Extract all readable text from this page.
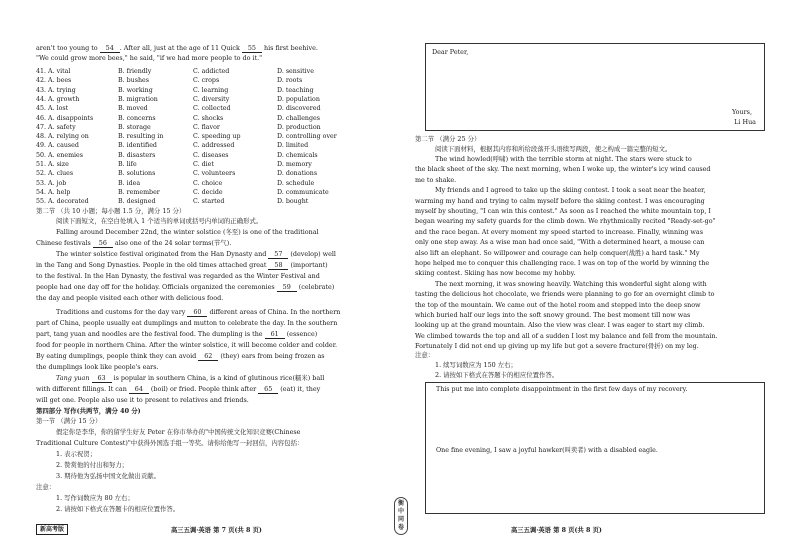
aren't too young to 54 . After all, just at the age of 11 Quick 55 his first beehive.
"We could grow more bees," he said, "if we had more people to do it."
41. A. vital	B. friendly	C. addicted	D. sensitive
42. A. bees	B. bushes	C. crops	D. roots
43. A. trying	B. working	C. learning	D. teaching
44. A. growth	B. migration	C. diversity	D. population
45. A. lost	B. moved	C. collected	D. discovered
46. A. disappoints	B. concerns	C. shocks	D. challenges
47. A. safety	B. storage	C. flavor	D. production
48. A. relying on	B. resulting in	C. speeding up	D. controlling over
49. A. caused	B. identified	C. addressed	D. limited
50. A. enemies	B. disasters	C. diseases	D. chemicals
51. A. size	B. life	C. diet	D. memory
52. A. clues	B. solutions	C. volunteers	D. donations
53. A. job	B. idea	C. choice	D. schedule
54. A. help	B. remember	C. decide	D. communicate
55. A. decorated	B. designed	C. started	D. bought
第二节 （共 10 小题；每小题 1.5 分，满分 15 分）
阅读下面短文，在空白处填入 1 个适当的单词或括号内单词的正确形式。
Falling around December 22nd, the winter solstice (冬至) is one of the traditional
Chinese festivals 56 also one of the 24 solar terms(节气).
The winter solstice festival originated from the Han Dynasty and 57 (develop) well
in the Tang and Song Dynasties. People in the old times attached great 58 (important)
to the festival. In the Han Dynasty, the festival was regarded as the Winter Festival and
people had one day off for the holiday. Officials organized the ceremonies 59 (celebrate)
the day and people visited each other with delicious food.
Traditions and customs for the day vary 60 different areas of China. In the northern
part of China, people usually eat dumplings and mutton to celebrate the day. In the southern
part, tang yuan and noodles are the festival food. The dumpling is the 61 (essence)
food for people in northern China. After the winter solstice, it will become colder and colder.
By eating dumplings, people think they can avoid 62 (they) ears from being frozen as
the dumplings look like people's ears.
Tang yuan 63 is popular in southern China, is a kind of glutinous rice(糯米) ball
with different fillings. It can 64 (boil) or fried. People think after 65 (eat) it, they
will get one. People also use it to present to relatives and friends.
第四部分 写作(共两节，满分 40 分)
第一节 （满分 15 分）
假定你是李华，你的留学生好友 Peter 在你市举办的"中国传统文化知识竞赛(Chinese
Traditional Culture Contest)"中获得外国选手组一等奖。请你给他写一封回信，内容包括：
1. 表示祝贺；
2. 赞赏他的付出和努力；
3. 期待他为弘扬中国文化做出贡献。
注意：
1. 写作词数应为 80 左右；
2. 请按如下格式在答题卡的相应位置作答。
新高考版	高三五调·英语 第 7 页(共 8 页)
衡
中
同
卷
Dear Peter,
Yours,
Li Hua
第二节 （满分 25 分）
阅读下面材料，根据其内容和所给段落开头语续写两段，使之构成一篇完整的短文。
The wind howled(呼啸) with the terrible storm at night. The stars were stuck to
the black sheet of the sky. The next morning, when I woke up, the winter's icy wind caused
me to shake.
My friends and I agreed to take up the skiing contest. I took a seat near the heater,
warming my hand and trying to calm myself before the skiing contest. I was encouraging
myself by shouting, "I can win this contest." As soon as I reached the white mountain top, I
began wearing my safety guards for the climb down. We rhythmically recited "Ready-set-go"
and the race began. At every moment my speed started to increase. Finally, winning was
only one step away. As a wise man had once said, "With a determined heart, a mouse can
also lift an elephant. So willpower and courage can help conquer(战胜) a hard task." My
hope helped me to conquer this challenging race. I was on top of the world by winning the
skiing contest. Skiing has now become my hobby.
The next morning, it was snowing heavily. Watching this wonderful sight along with
tasting the delicious hot chocolate, we friends were planning to go for an overnight climb to
the top of the mountain. We came out of the hotel room and stepped into the deep snow
which buried half our legs into the soft snowy ground. The best moment till now was
looking up at the grand mountain. Also the view was clear. I was eager to start my climb.
We climbed towards the top and all of a sudden I lost my balance and fell from the mountain.
Fortunately I did not end up giving up my life but got a severe fracture(骨折) on my leg.
注意：
1. 续写词数应为 150 左右；
2. 请按如下格式在答题卡的相应位置作答。
This put me into complete disappointment in the first few days of my recovery.
One fine evening, I saw a joyful hawker(叫卖者) with a disabled eagle.
高三五调·英语 第 8 页(共 8 页)
